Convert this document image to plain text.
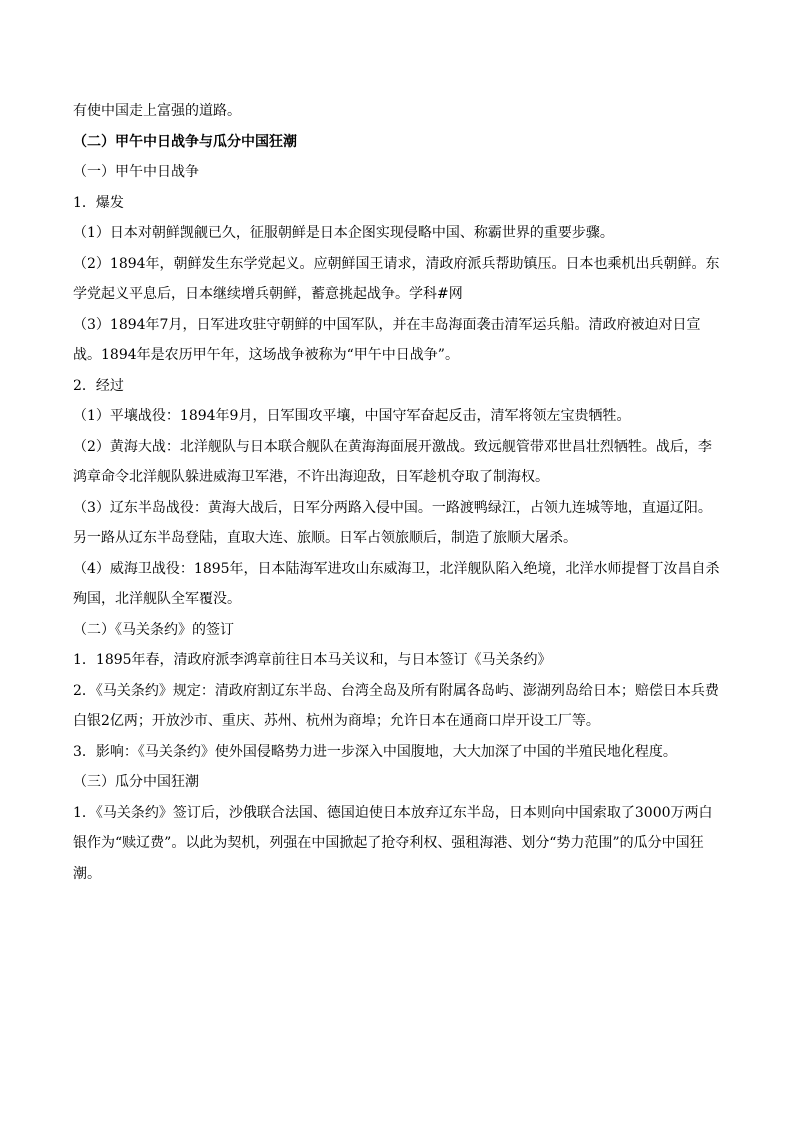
有使中国走上富强的道路。

（二）甲午中日战争与瓜分中国狂潮

（一）甲午中日战争

1．爆发

（1）日本对朝鲜觊觎已久，征服朝鲜是日本企图实现侵略中国、称霸世界的重要步骤。

（2）1894年，朝鲜发生东学党起义。应朝鲜国王请求，清政府派兵帮助镇压。日本也乘机出兵朝鲜。东学党起义平息后，日本继续增兵朝鲜，蓄意挑起战争。学科#网

（3）1894年7月，日军进攻驻守朝鲜的中国军队，并在丰岛海面袭击清军运兵船。清政府被迫对日宣战。1894年是农历甲午年，这场战争被称为“甲午中日战争”。

2．经过

（1）平壤战役：1894年9月，日军围攻平壤，中国守军奋起反击，清军将领左宝贵牺牲。

（2）黄海大战：北洋舰队与日本联合舰队在黄海海面展开激战。致远舰管带邓世昌壮烈牺牲。战后，李鸿章命令北洋舰队躲进威海卫军港，不许出海迎敌，日军趁机夺取了制海权。

（3）辽东半岛战役：黄海大战后，日军分两路入侵中国。一路渡鸭绿江，占领九连城等地，直逼辽阳。另一路从辽东半岛登陆，直取大连、旅顺。日军占领旅顺后，制造了旅顺大屠杀。

（4）威海卫战役：1895年，日本陆海军进攻山东威海卫，北洋舰队陷入绝境，北洋水师提督丁汝昌自杀殉国，北洋舰队全军覆没。

（二）《马关条约》的签订

1．1895年春，清政府派李鸿章前往日本马关议和，与日本签订《马关条约》

2．《马关条约》规定：清政府割辽东半岛、台湾全岛及所有附属各岛屿、澎湖列岛给日本；赔偿日本兵费白银2亿两；开放沙市、重庆、苏州、杭州为商埠；允许日本在通商口岸开设工厂等。

3．影响：《马关条约》使外国侵略势力进一步深入中国腹地，大大加深了中国的半殖民地化程度。

（三）瓜分中国狂潮

1．《马关条约》签订后，沙俄联合法国、德国迫使日本放弃辽东半岛，日本则向中国索取了3000万两白银作为“赎辽费”。以此为契机，列强在中国掀起了抢夺利权、强租海港、划分“势力范围”的瓜分中国狂潮。
